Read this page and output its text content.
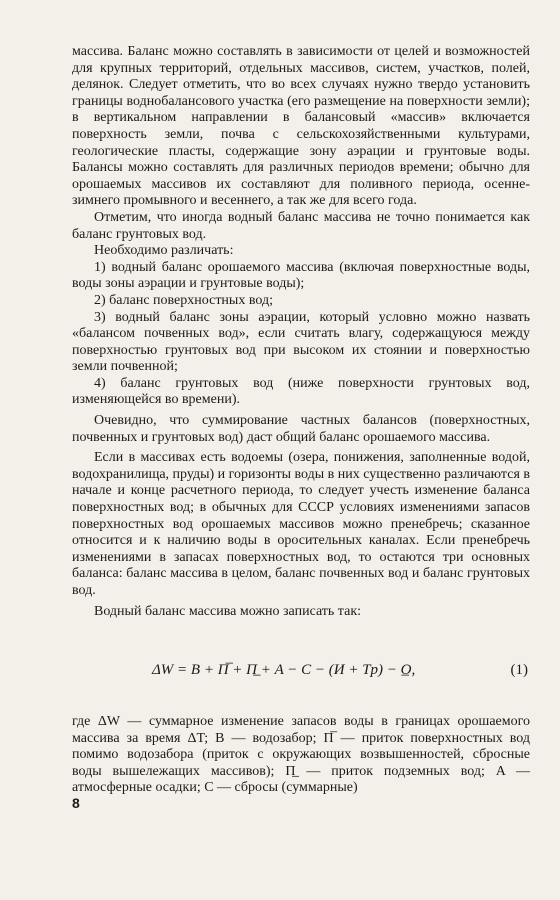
массива. Баланс можно составлять в зависимости от целей и возможностей для крупных территорий, отдельных массивов, систем, участков, полей, делянок. Следует отметить, что во всех случаях нужно твердо установить границы воднобалансового участка (его размещение на поверхности земли); в вертикальном направлении в балансовый «массив» включается поверхность земли, почва с сельскохозяйственными культурами, геологические пласты, содержащие зону аэрации и грунтовые воды. Балансы можно составлять для различных периодов времени; обычно для орошаемых массивов их составляют для поливного периода, осенне-зимнего промывного и весеннего, а так же для всего года.

Отметим, что иногда водный баланс массива не точно понимается как баланс грунтовых вод.

Необходимо различать:

1) водный баланс орошаемого массива (включая поверхностные воды, воды зоны аэрации и грунтовые воды);

2) баланс поверхностных вод;

3) водный баланс зоны аэрации, который условно можно назвать «балансом почвенных вод», если считать влагу, содержащуюся между поверхностью грунтовых вод при высоком их стоянии и поверхностью земли почвенной;

4) баланс грунтовых вод (ниже поверхности грунтовых вод, изменяющейся во времени).

Очевидно, что суммирование частных балансов (поверхностных, почвенных и грунтовых вод) даст общий баланс орошаемого массива.

Если в массивах есть водоемы (озера, понижения, заполненные водой, водохранилища, пруды) и горизонты воды в них существенно различаются в начале и конце расчетного периода, то следует учесть изменение баланса поверхностных вод; в обычных для СССР условиях изменениями запасов поверхностных вод орошаемых массивов можно пренебречь; сказанное относится и к наличию воды в оросительных каналах. Если пренебречь изменениями в запасах поверхностных вод, то остаются три основных баланса: баланс массива в целом, баланс почвенных вод и баланс грунтовых вод.

Водный баланс массива можно записать так:

ΔW = B + П̅ + П̲ + A − C − (И + Tр) − O̲,	(1)

где ΔW — суммарное изменение запасов воды в границах орошаемого массива за время ΔT; B — водозабор; П̅ — приток поверхностных вод помимо водозабора (приток с окружающих возвышенностей, сбросные воды вышележащих массивов); П̲ — приток подземных вод; A — атмосферные осадки; C — сбросы (суммарные)

8
